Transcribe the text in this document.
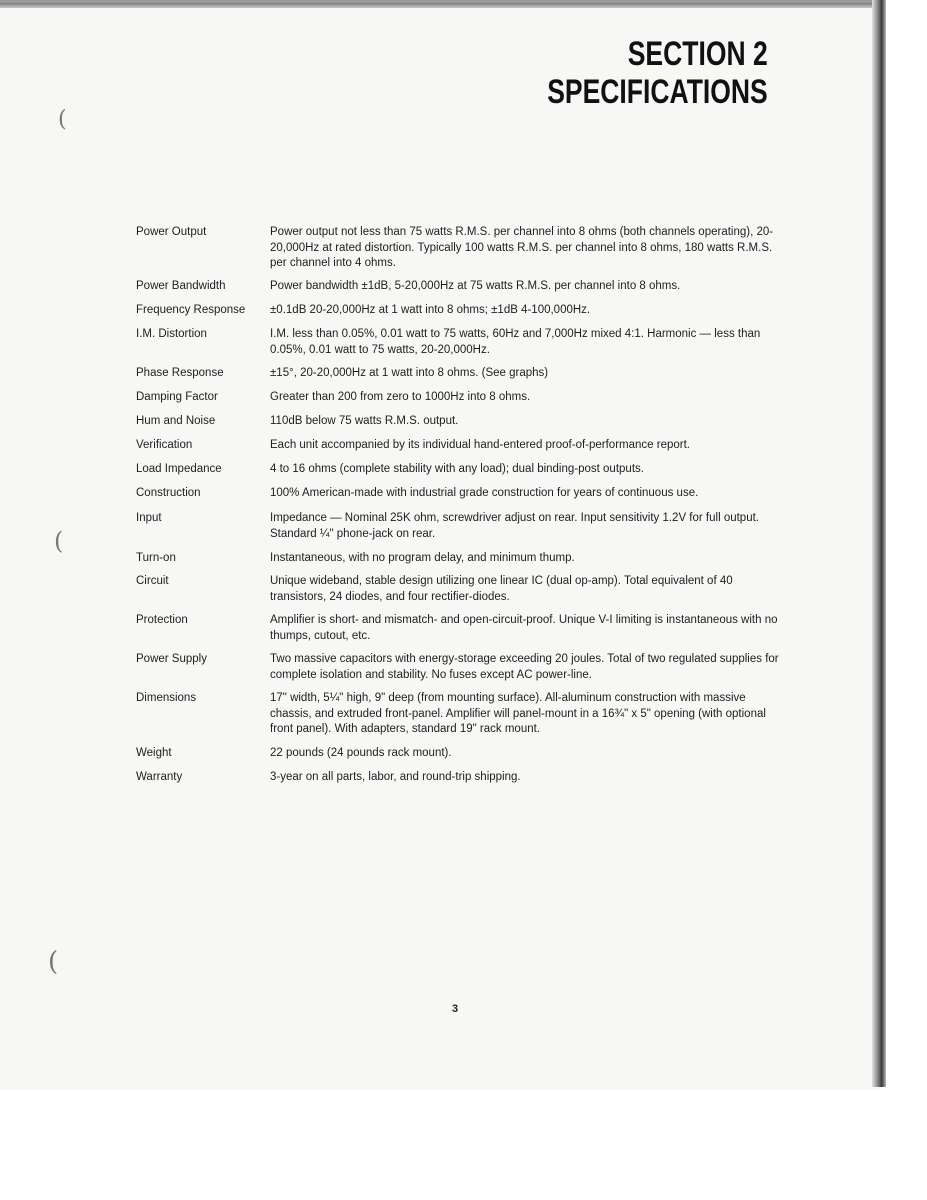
SECTION 2
SPECIFICATIONS
(
(
(
Power Output	Power output not less than 75 watts R.M.S. per channel into 8 ohms (both channels operating), 20-20,000Hz at rated distortion. Typically 100 watts R.M.S. per channel into 8 ohms, 180 watts R.M.S. per channel into 4 ohms.
Power Bandwidth	Power bandwidth ±1dB, 5-20,000Hz at 75 watts R.M.S. per channel into 8 ohms.
Frequency Response	±0.1dB 20-20,000Hz at 1 watt into 8 ohms; ±1dB 4-100,000Hz.
I.M. Distortion	I.M. less than 0.05%, 0.01 watt to 75 watts, 60Hz and 7,000Hz mixed 4:1. Harmonic — less than 0.05%, 0.01 watt to 75 watts, 20-20,000Hz.
Phase Response	±15°, 20-20,000Hz at 1 watt into 8 ohms. (See graphs)
Damping Factor	Greater than 200 from zero to 1000Hz into 8 ohms.
Hum and Noise	110dB below 75 watts R.M.S. output.
Verification	Each unit accompanied by its individual hand-entered proof-of-performance report.
Load Impedance	4 to 16 ohms (complete stability with any load); dual binding-post outputs.
Construction	100% American-made with industrial grade construction for years of continuous use.
Input	Impedance — Nominal 25K ohm, screwdriver adjust on rear. Input sensitivity 1.2V for full output. Standard ¼" phone-jack on rear.
Turn-on	Instantaneous, with no program delay, and minimum thump.
Circuit	Unique wideband, stable design utilizing one linear IC (dual op-amp). Total equivalent of 40 transistors, 24 diodes, and four rectifier-diodes.
Protection	Amplifier is short- and mismatch- and open-circuit-proof. Unique V-I limiting is instantaneous with no thumps, cutout, etc.
Power Supply	Two massive capacitors with energy-storage exceeding 20 joules. Total of two regulated supplies for complete isolation and stability. No fuses except AC power-line.
Dimensions	17" width, 5¼" high, 9" deep (from mounting surface). All-aluminum construction with massive chassis, and extruded front-panel. Amplifier will panel-mount in a 16¾" x 5" opening (with optional front panel). With adapters, standard 19" rack mount.
Weight	22 pounds (24 pounds rack mount).
Warranty	3-year on all parts, labor, and round-trip shipping.
3
